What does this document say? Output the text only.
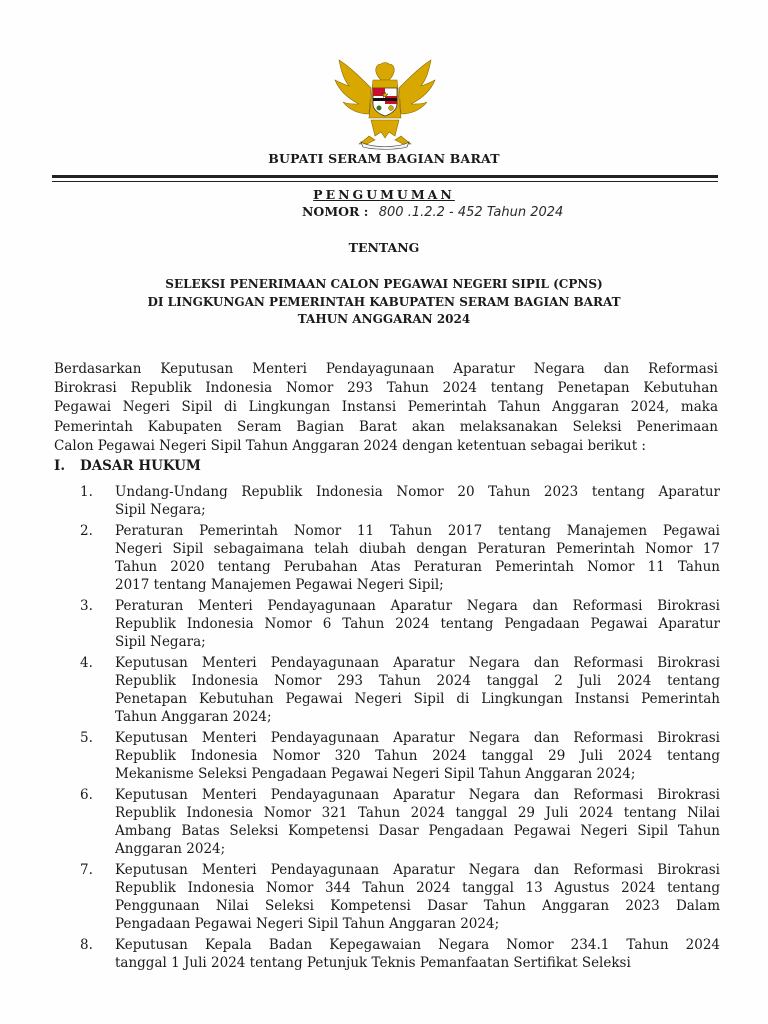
BUPATI SERAM BAGIAN BARAT
PENGUMUMAN
NOMOR : 800 .1.2.2 - 452 Tahun 2024
TENTANG
SELEKSI PENERIMAAN CALON PEGAWAI NEGERI SIPIL (CPNS)
DI LINGKUNGAN PEMERINTAH KABUPATEN SERAM BAGIAN BARAT
TAHUN ANGGARAN 2024
Berdasarkan Keputusan Menteri Pendayagunaan Aparatur Negara dan Reformasi
Birokrasi Republik Indonesia Nomor 293 Tahun 2024 tentang Penetapan Kebutuhan
Pegawai Negeri Sipil di Lingkungan Instansi Pemerintah Tahun Anggaran 2024, maka
Pemerintah Kabupaten Seram Bagian Barat akan melaksanakan Seleksi Penerimaan
Calon Pegawai Negeri Sipil Tahun Anggaran 2024 dengan ketentuan sebagai berikut :
I. DASAR HUKUM
1. Undang-Undang Republik Indonesia Nomor 20 Tahun 2023 tentang Aparatur
Sipil Negara;
2. Peraturan Pemerintah Nomor 11 Tahun 2017 tentang Manajemen Pegawai
Negeri Sipil sebagaimana telah diubah dengan Peraturan Pemerintah Nomor 17
Tahun 2020 tentang Perubahan Atas Peraturan Pemerintah Nomor 11 Tahun
2017 tentang Manajemen Pegawai Negeri Sipil;
3. Peraturan Menteri Pendayagunaan Aparatur Negara dan Reformasi Birokrasi
Republik Indonesia Nomor 6 Tahun 2024 tentang Pengadaan Pegawai Aparatur
Sipil Negara;
4. Keputusan Menteri Pendayagunaan Aparatur Negara dan Reformasi Birokrasi
Republik Indonesia Nomor 293 Tahun 2024 tanggal 2 Juli 2024 tentang
Penetapan Kebutuhan Pegawai Negeri Sipil di Lingkungan Instansi Pemerintah
Tahun Anggaran 2024;
5. Keputusan Menteri Pendayagunaan Aparatur Negara dan Reformasi Birokrasi
Republik Indonesia Nomor 320 Tahun 2024 tanggal 29 Juli 2024 tentang
Mekanisme Seleksi Pengadaan Pegawai Negeri Sipil Tahun Anggaran 2024;
6. Keputusan Menteri Pendayagunaan Aparatur Negara dan Reformasi Birokrasi
Republik Indonesia Nomor 321 Tahun 2024 tanggal 29 Juli 2024 tentang Nilai
Ambang Batas Seleksi Kompetensi Dasar Pengadaan Pegawai Negeri Sipil Tahun
Anggaran 2024;
7. Keputusan Menteri Pendayagunaan Aparatur Negara dan Reformasi Birokrasi
Republik Indonesia Nomor 344 Tahun 2024 tanggal 13 Agustus 2024 tentang
Penggunaan Nilai Seleksi Kompetensi Dasar Tahun Anggaran 2023 Dalam
Pengadaan Pegawai Negeri Sipil Tahun Anggaran 2024;
8. Keputusan Kepala Badan Kepegawaian Negara Nomor 234.1 Tahun 2024
tanggal 1 Juli 2024 tentang Petunjuk Teknis Pemanfaatan Sertifikat Seleksi
